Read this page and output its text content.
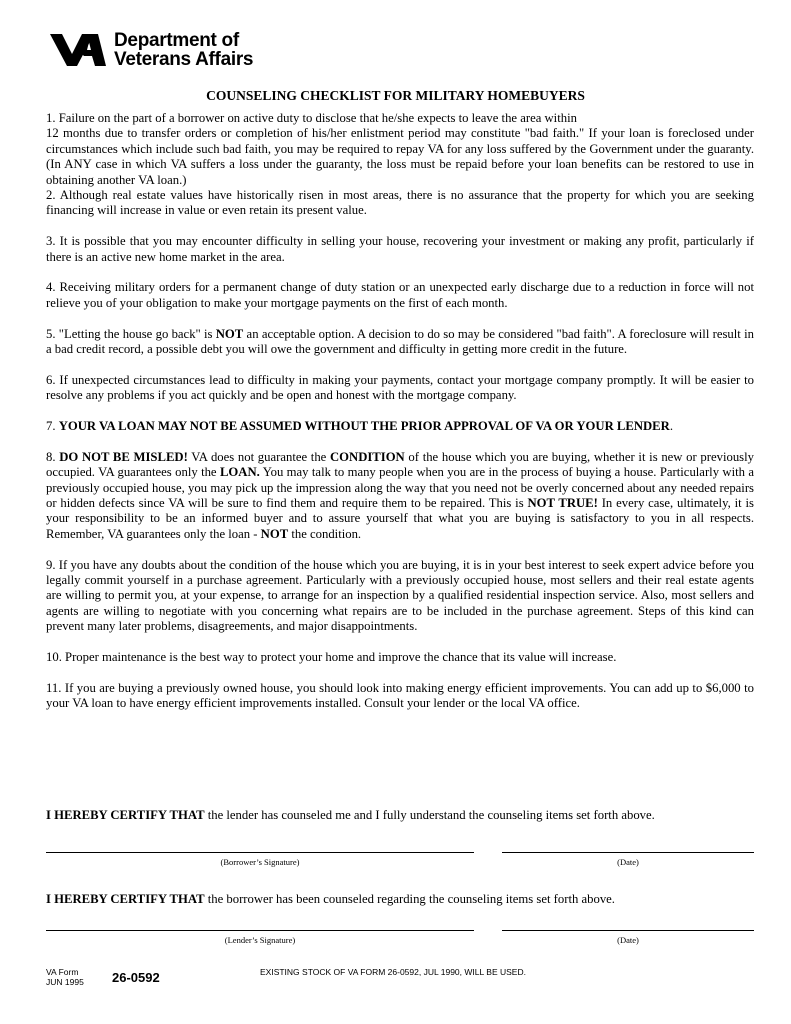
Department of
Veterans Affairs
COUNSELING CHECKLIST FOR MILITARY HOMEBUYERS

1. Failure on the part of a borrower on active duty to disclose that he/she expects to leave the area within
12 months due to transfer orders or completion of his/her enlistment period may constitute "bad faith." If your loan is foreclosed under circumstances which include such bad faith, you may be required to repay VA for any loss suffered by the Government under the guaranty. (In ANY case in which VA suffers a loss under the guaranty, the loss must be repaid before your loan benefits can be restored to use in obtaining another VA loan.)

2. Although real estate values have historically risen in most areas, there is no assurance that the property for which you are seeking financing will increase in value or even retain its present value.

3. It is possible that you may encounter difficulty in selling your house, recovering your investment or making any profit, particularly if there is an active new home market in the area.

4. Receiving military orders for a permanent change of duty station or an unexpected early discharge due to a reduction in force will not relieve you of your obligation to make your mortgage payments on the first of each month.

5. "Letting the house go back" is NOT an acceptable option. A decision to do so may be considered "bad faith". A foreclosure will result in a bad credit record, a possible debt you will owe the government and difficulty in getting more credit in the future.

6. If unexpected circumstances lead to difficulty in making your payments, contact your mortgage company promptly. It will be easier to resolve any problems if you act quickly and be open and honest with the mortgage company.

7. YOUR VA LOAN MAY NOT BE ASSUMED WITHOUT THE PRIOR APPROVAL OF VA OR YOUR LENDER.

8. DO NOT BE MISLED! VA does not guarantee the CONDITION of the house which you are buying, whether it is new or previously occupied. VA guarantees only the LOAN. You may talk to many people when you are in the process of buying a house. Particularly with a previously occupied house, you may pick up the impression along the way that you need not be overly concerned about any needed repairs or hidden defects since VA will be sure to find them and require them to be repaired. This is NOT TRUE! In every case, ultimately, it is your responsibility to be an informed buyer and to assure yourself that what you are buying is satisfactory to you in all respects. Remember, VA guarantees only the loan - NOT the condition.

9. If you have any doubts about the condition of the house which you are buying, it is in your best interest to seek expert advice before you legally commit yourself in a purchase agreement. Particularly with a previously occupied house, most sellers and their real estate agents are willing to permit you, at your expense, to arrange for an inspection by a qualified residential inspection service. Also, most sellers and agents are willing to negotiate with you concerning what repairs are to be included in the purchase agreement. Steps of this kind can prevent many later problems, disagreements, and major disappointments.

10. Proper maintenance is the best way to protect your home and improve the chance that its value will increase.

11. If you are buying a previously owned house, you should look into making energy efficient improvements. You can add up to $6,000 to your VA loan to have energy efficient improvements installed. Consult your lender or the local VA office.

I HEREBY CERTIFY THAT the lender has counseled me and I fully understand the counseling items set forth above.
(Borrower’s Signature)	(Date)
I HEREBY CERTIFY THAT the borrower has been counseled regarding the counseling items set forth above.
(Lender’s Signature)	(Date)
VA Form
JUN 1995 26-0592	EXISTING STOCK OF VA FORM 26-0592, JUL 1990, WILL BE USED.
